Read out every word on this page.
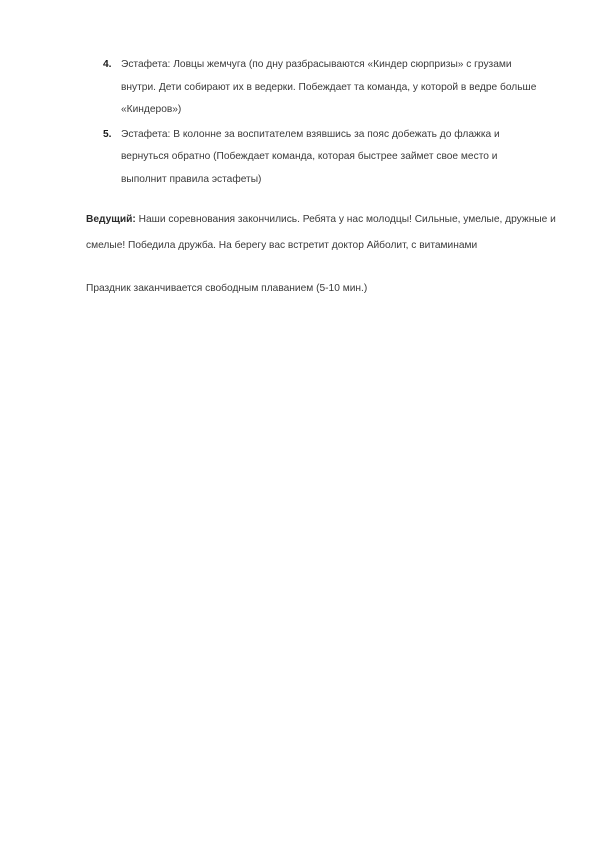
4. Эстафета: Ловцы жемчуга (по дну разбрасываются «Киндер сюрпризы» с грузами внутри. Дети собирают их в ведерки. Побеждает та команда, у которой в ведре больше «Киндеров»)
5. Эстафета: В колонне за воспитателем взявшись за пояс добежать до флажка и вернуться обратно (Побеждает команда, которая быстрее займет свое место и выполнит правила эстафеты)

Ведущий: Наши соревнования закончились. Ребята у нас молодцы! Сильные, умелые, дружные и смелые! Победила дружба. На берегу вас встретит доктор Айболит, с витаминами

Праздник заканчивается свободным плаванием (5-10 мин.)
